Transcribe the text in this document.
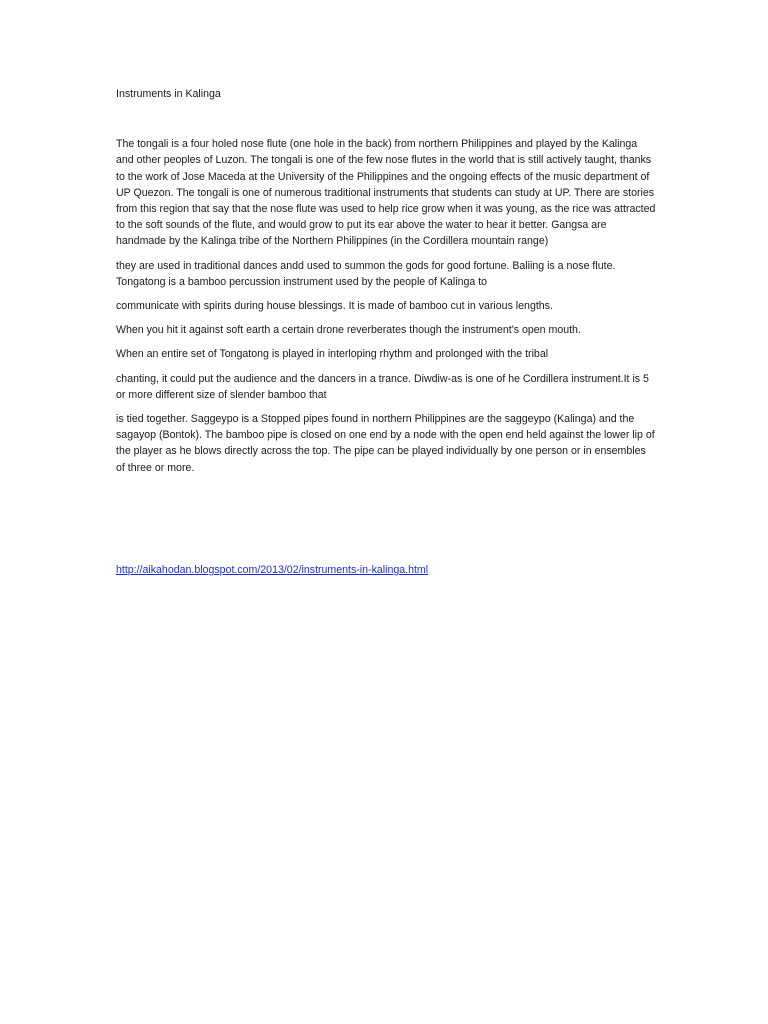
Instruments in Kalinga

The tongali is a four holed nose flute (one hole in the back) from northern Philippines and played by the Kalinga and other peoples of Luzon. The tongali is one of the few nose flutes in the world that is still actively taught, thanks to the work of Jose Maceda at the University of the Philippines and the ongoing effects of the music department of UP Quezon. The tongali is one of numerous traditional instruments that students can study at UP. There are stories from this region that say that the nose flute was used to help rice grow when it was young, as the rice was attracted to the soft sounds of the flute, and would grow to put its ear above the water to hear it better. Gangsa are handmade by the Kalinga tribe of the Northern Philippines (in the Cordillera mountain range)

they are used in traditional dances andd used to summon the gods for good fortune. Baliing is a nose flute. Tongatong is a bamboo percussion instrument used by the people of Kalinga to

communicate with spirits during house blessings. It is made of bamboo cut in various lengths.

When you hit it against soft earth a certain drone reverberates though the instrument's open mouth.

When an entire set of Tongatong is played in interloping rhythm and prolonged with the tribal

chanting, it could put the audience and the dancers in a trance. Diwdiw-as is one of he Cordillera instrument.It is 5 or more different size of slender bamboo that

is tied together. Saggeypo is a Stopped pipes found in northern Philippines are the saggeypo (Kalinga) and the sagayop (Bontok). The bamboo pipe is closed on one end by a node with the open end held against the lower lip of the player as he blows directly across the top. The pipe can be played individually by one person or in ensembles of three or more.

http://aikahodan.blogspot.com/2013/02/instruments-in-kalinga.html
